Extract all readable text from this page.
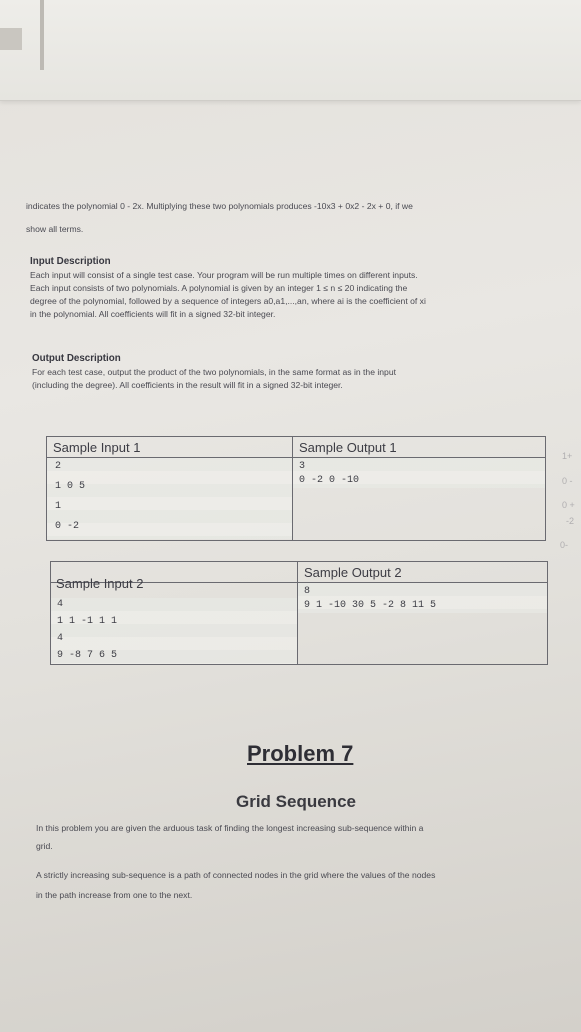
indicates the polynomial 0 - 2x. Multiplying these two polynomials produces -10x3 + 0x2 - 2x + 0, if we
show all terms.
Input Description
Each input will consist of a single test case. Your program will be run multiple times on different inputs.
Each input consists of two polynomials. A polynomial is given by an integer 1 ≤ n ≤ 20 indicating the
degree of the polynomial, followed by a sequence of integers a0,a1,...,an, where ai is the coefficient of xi
in the polynomial. All coefficients will fit in a signed 32-bit integer.
Output Description
For each test case, output the product of the two polynomials, in the same format as in the input
(including the degree). All coefficients in the result will fit in a signed 32-bit integer.
Sample Input 1	Sample Output 1
2
1 0 5
1
0 -2
3
0 -2 0 -10
Sample Input 2
Sample Output 2
4
1 1 -1 1 1
4
9 -8 7 6 5
8
9 1 -10 30 5 -2 8 11 5
Problem 7
Grid Sequence
In this problem you are given the arduous task of finding the longest increasing sub-sequence within a
grid.
A strictly increasing sub-sequence is a path of connected nodes in the grid where the values of the nodes
in the path increase from one to the next.
1+
0 -
0 +
-2
0-
